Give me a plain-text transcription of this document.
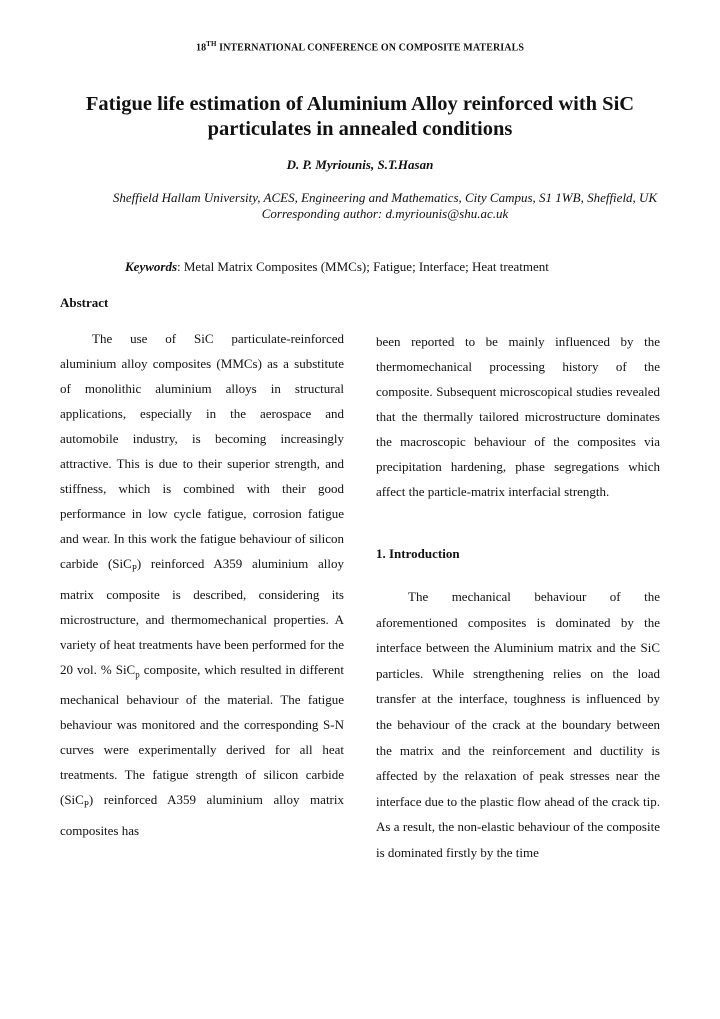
18TH INTERNATIONAL CONFERENCE ON COMPOSITE MATERIALS
Fatigue life estimation of Aluminium Alloy reinforced with SiC particulates in annealed conditions
D. P. Myriounis, S.T.Hasan
Sheffield Hallam University, ACES, Engineering and Mathematics, City Campus, S1 1WB, Sheffield, UK
Corresponding author: d.myriounis@shu.ac.uk
Keywords: Metal Matrix Composites (MMCs); Fatigue; Interface; Heat treatment
Abstract
The use of SiC particulate-reinforced aluminium alloy composites (MMCs) as a substitute of monolithic aluminium alloys in structural applications, especially in the aerospace and automobile industry, is becoming increasingly attractive. This is due to their superior strength, and stiffness, which is combined with their good performance in low cycle fatigue, corrosion fatigue and wear. In this work the fatigue behaviour of silicon carbide (SiC$_P$) reinforced A359 aluminium alloy matrix composite is described, considering its microstructure, and thermomechanical properties. A variety of heat treatments have been performed for the 20 vol. % SiC$_p$ composite, which resulted in different mechanical behaviour of the material. The fatigue behaviour was monitored and the corresponding S-N curves were experimentally derived for all heat treatments. The fatigue strength of silicon carbide (SiC$_P$) reinforced A359 aluminium alloy matrix composites has
been reported to be mainly influenced by the thermomechanical processing history of the composite. Subsequent microscopical studies revealed that the thermally tailored microstructure dominates the macroscopic behaviour of the composites via precipitation hardening, phase segregations which affect the particle-matrix interfacial strength.
1. Introduction
The mechanical behaviour of the aforementioned composites is dominated by the interface between the Aluminium matrix and the SiC particles. While strengthening relies on the load transfer at the interface, toughness is influenced by the behaviour of the crack at the boundary between the matrix and the reinforcement and ductility is affected by the relaxation of peak stresses near the interface due to the plastic flow ahead of the crack tip. As a result, the non-elastic behaviour of the composite is dominated firstly by the time
